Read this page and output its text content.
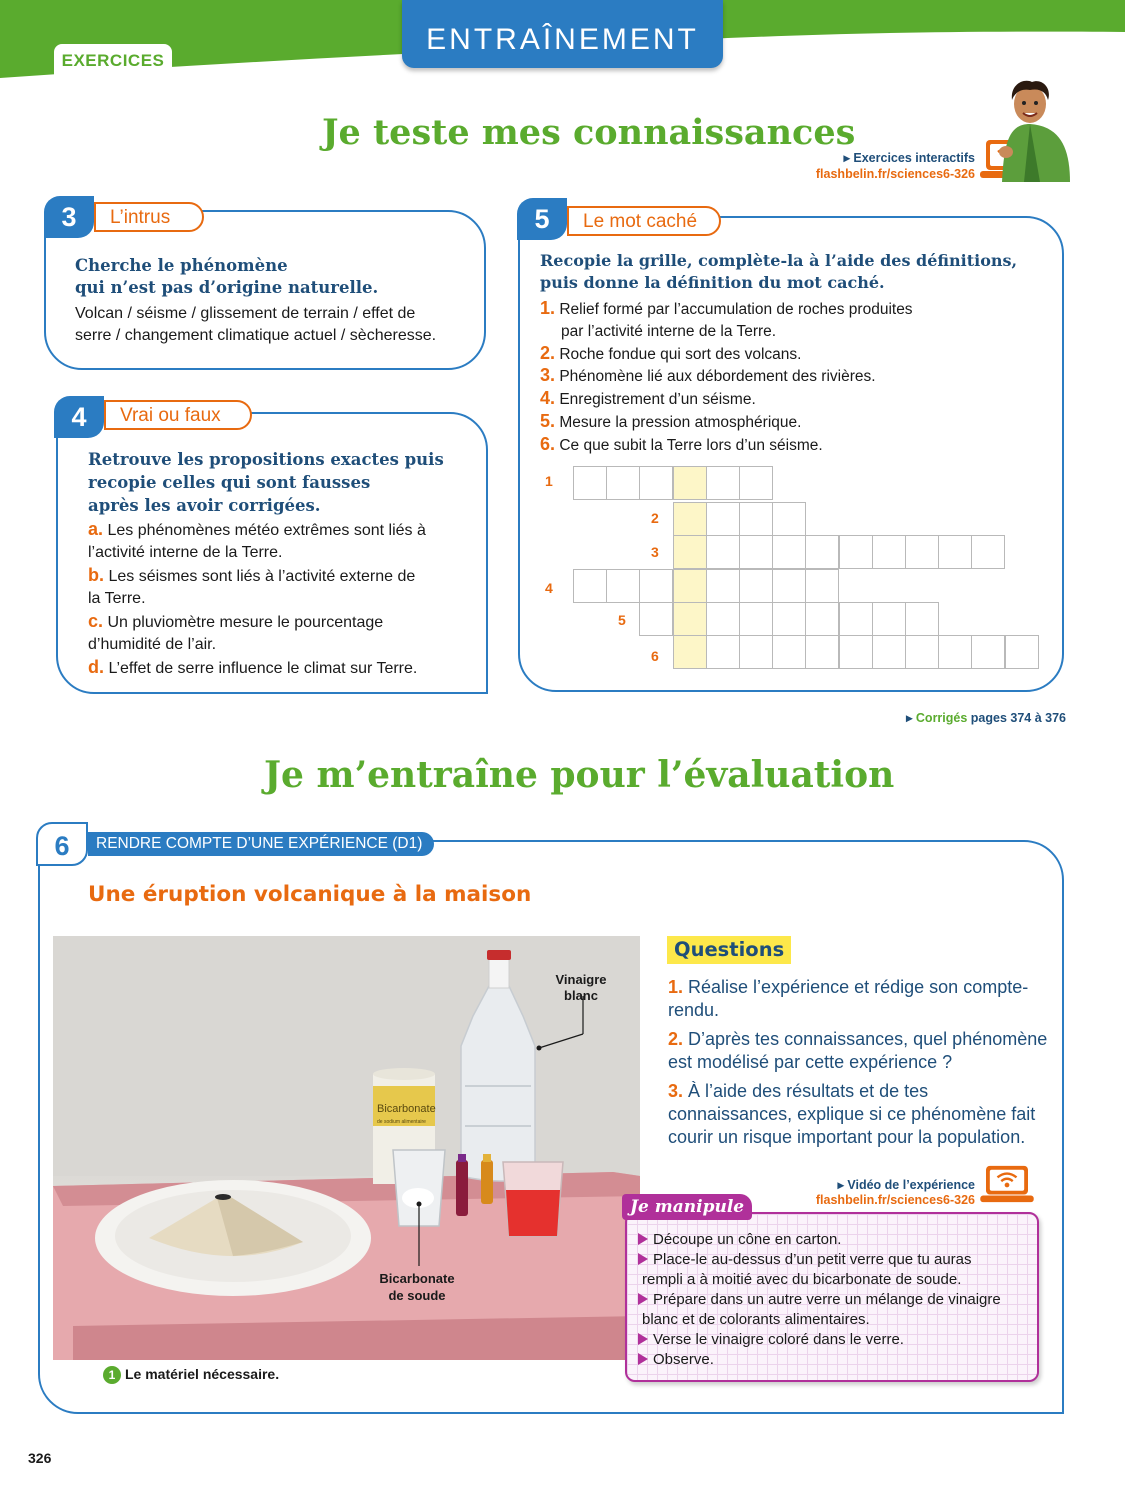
EXERCICES
ENTRAÎNEMENT
Je teste mes connaissances
▸ Exercices interactifs
flashbelin.fr/sciences6-326
3	L’intrus
Cherche le phénomène
qui n’est pas d’origine naturelle.
Volcan / séisme / glissement de terrain / effet de
serre / changement climatique actuel / sècheresse.
4	Vrai ou faux
Retrouve les propositions exactes puis
recopie celles qui sont fausses
après les avoir corrigées.
a. Les phénomènes météo extrêmes sont liés à
l’activité interne de la Terre.
b. Les séismes sont liés à l’activité externe de
la Terre.
c. Un pluviomètre mesure le pourcentage
d’humidité de l’air.
d. L’effet de serre influence le climat sur Terre.
5	Le mot caché
Recopie la grille, complète-la à l’aide des définitions,
puis donne la définition du mot caché.
1. Relief formé par l’accumulation de roches produites
par l’activité interne de la Terre.
2. Roche fondue qui sort des volcans.
3. Phénomène lié aux débordement des rivières.
4. Enregistrement d’un séisme.
5. Mesure la pression atmosphérique.
6. Ce que subit la Terre lors d’un séisme.
1
2
3
4
5
6
▸ Corrigés pages 374 à 376
Je m’entraîne pour l’évaluation
6	RENDRE COMPTE D’UNE EXPÉRIENCE (D1)
Une éruption volcanique à la maison
Bicarbonate
de sodium alimentaire
Vinaigre
blanc
Bicarbonate
de soude
1 Le matériel nécessaire.
Questions
1. Réalise l’expérience et rédige son compte-
rendu.
2. D’après tes connaissances, quel phénomène
est modélisé par cette expérience ?
3. À l’aide des résultats et de tes
connaissances, explique si ce phénomène fait
courir un risque important pour la population.
▸ Vidéo de l’expérience
flashbelin.fr/sciences6-326
Je manipule
Découpe un cône en carton.
Place-le au-dessus d’un petit verre que tu auras
rempli a à moitié avec du bicarbonate de soude.
Prépare dans un autre verre un mélange de vinaigre
blanc et de colorants alimentaires.
Verse le vinaigre coloré dans le verre.
Observe.
326
